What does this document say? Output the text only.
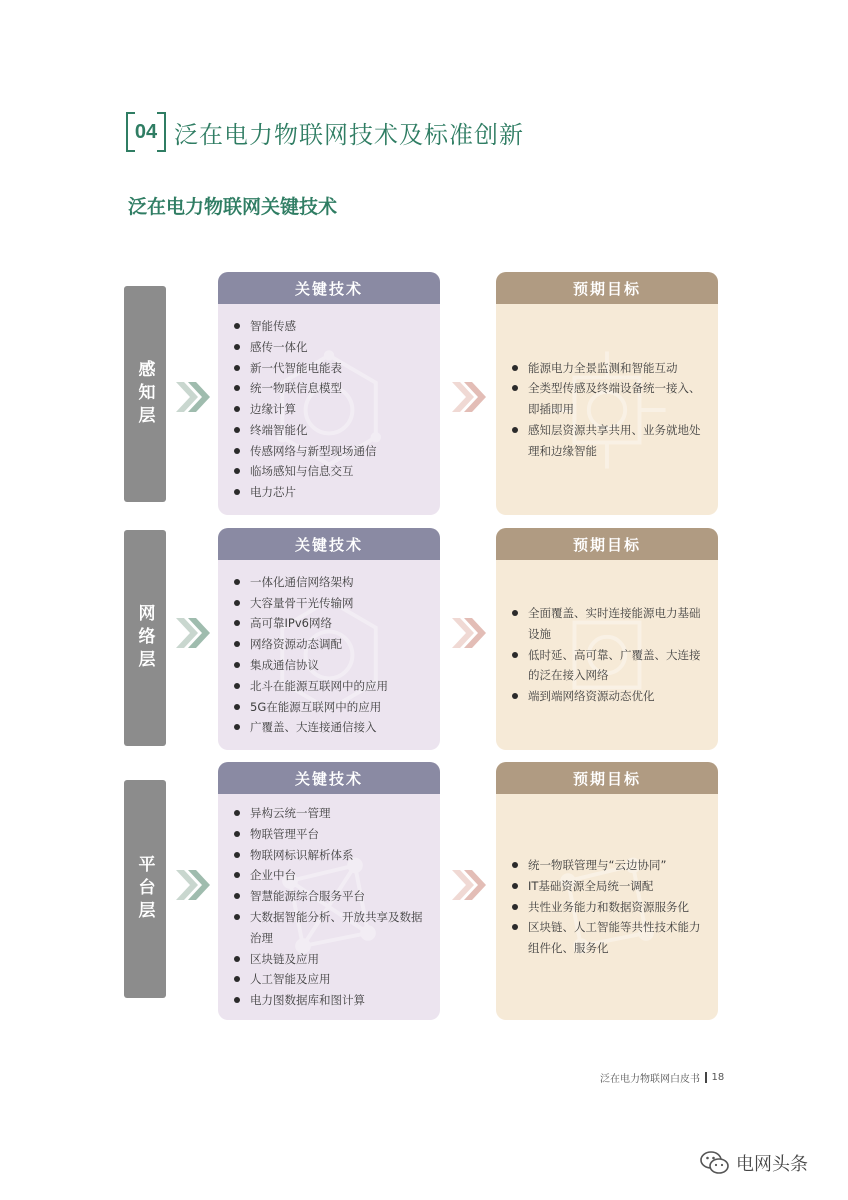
04 泛在电力物联网技术及标准创新
泛在电力物联网关键技术
感知层
关键技术
智能传感
感传一体化
新一代智能电能表
统一物联信息模型
边缘计算
终端智能化
传感网络与新型现场通信
临场感知与信息交互
电力芯片
预期目标
能源电力全景监测和智能互动
全类型传感及终端设备统一接入、即插即用
感知层资源共享共用、业务就地处理和边缘智能
网络层
关键技术
一体化通信网络架构
大容量骨干光传输网
高可靠IPv6网络
网络资源动态调配
集成通信协议
北斗在能源互联网中的应用
5G在能源互联网中的应用
广覆盖、大连接通信接入
预期目标
全面覆盖、实时连接能源电力基础设施
低时延、高可靠、广覆盖、大连接的泛在接入网络
端到端网络资源动态优化
平台层
关键技术
异构云统一管理
物联管理平台
物联网标识解析体系
企业中台
智慧能源综合服务平台
大数据智能分析、开放共享及数据治理
区块链及应用
人工智能及应用
电力图数据库和图计算
预期目标
统一物联管理与“云边协同”
IT基础资源全局统一调配
共性业务能力和数据资源服务化
区块链、人工智能等共性技术能力组件化、服务化
泛在电力物联网白皮书 18
电网头条
